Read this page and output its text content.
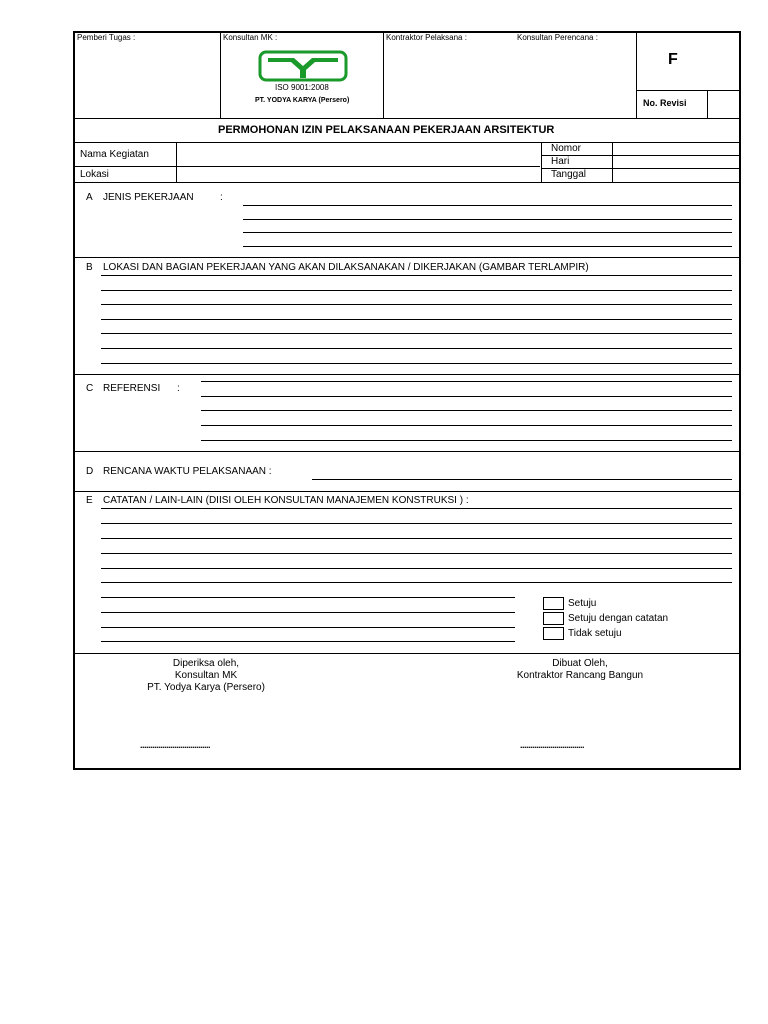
Pemberi Tugas :	Konsultan MK :	Kontraktor Pelaksana :	Konsultan Perencana :
F
No. Revisi
ISO 9001:2008
PT. YODYA KARYA (Persero)
PERMOHONAN IZIN PELAKSANAAN PEKERJAAN ARSITEKTUR
Nama Kegiatan
Lokasi
Nomor
Hari
Tanggal
A JENIS PEKERJAAN	:
B LOKASI DAN BAGIAN PEKERJAAN YANG AKAN DILAKSANAKAN / DIKERJAKAN (GAMBAR TERLAMPIR)
C REFERENSI :
D RENCANA WAKTU PELAKSANAAN :
E CATATAN / LAIN-LAIN (DIISI OLEH KONSULTAN MANAJEMEN KONSTRUKSI ) :
Setuju
Setuju dengan catatan
Tidak setuju
Diperiksa oleh,
Konsultan MK
PT. Yodya Karya (Persero)
Dibuat Oleh,
Kontraktor Rancang Bangun
...................................	................................
